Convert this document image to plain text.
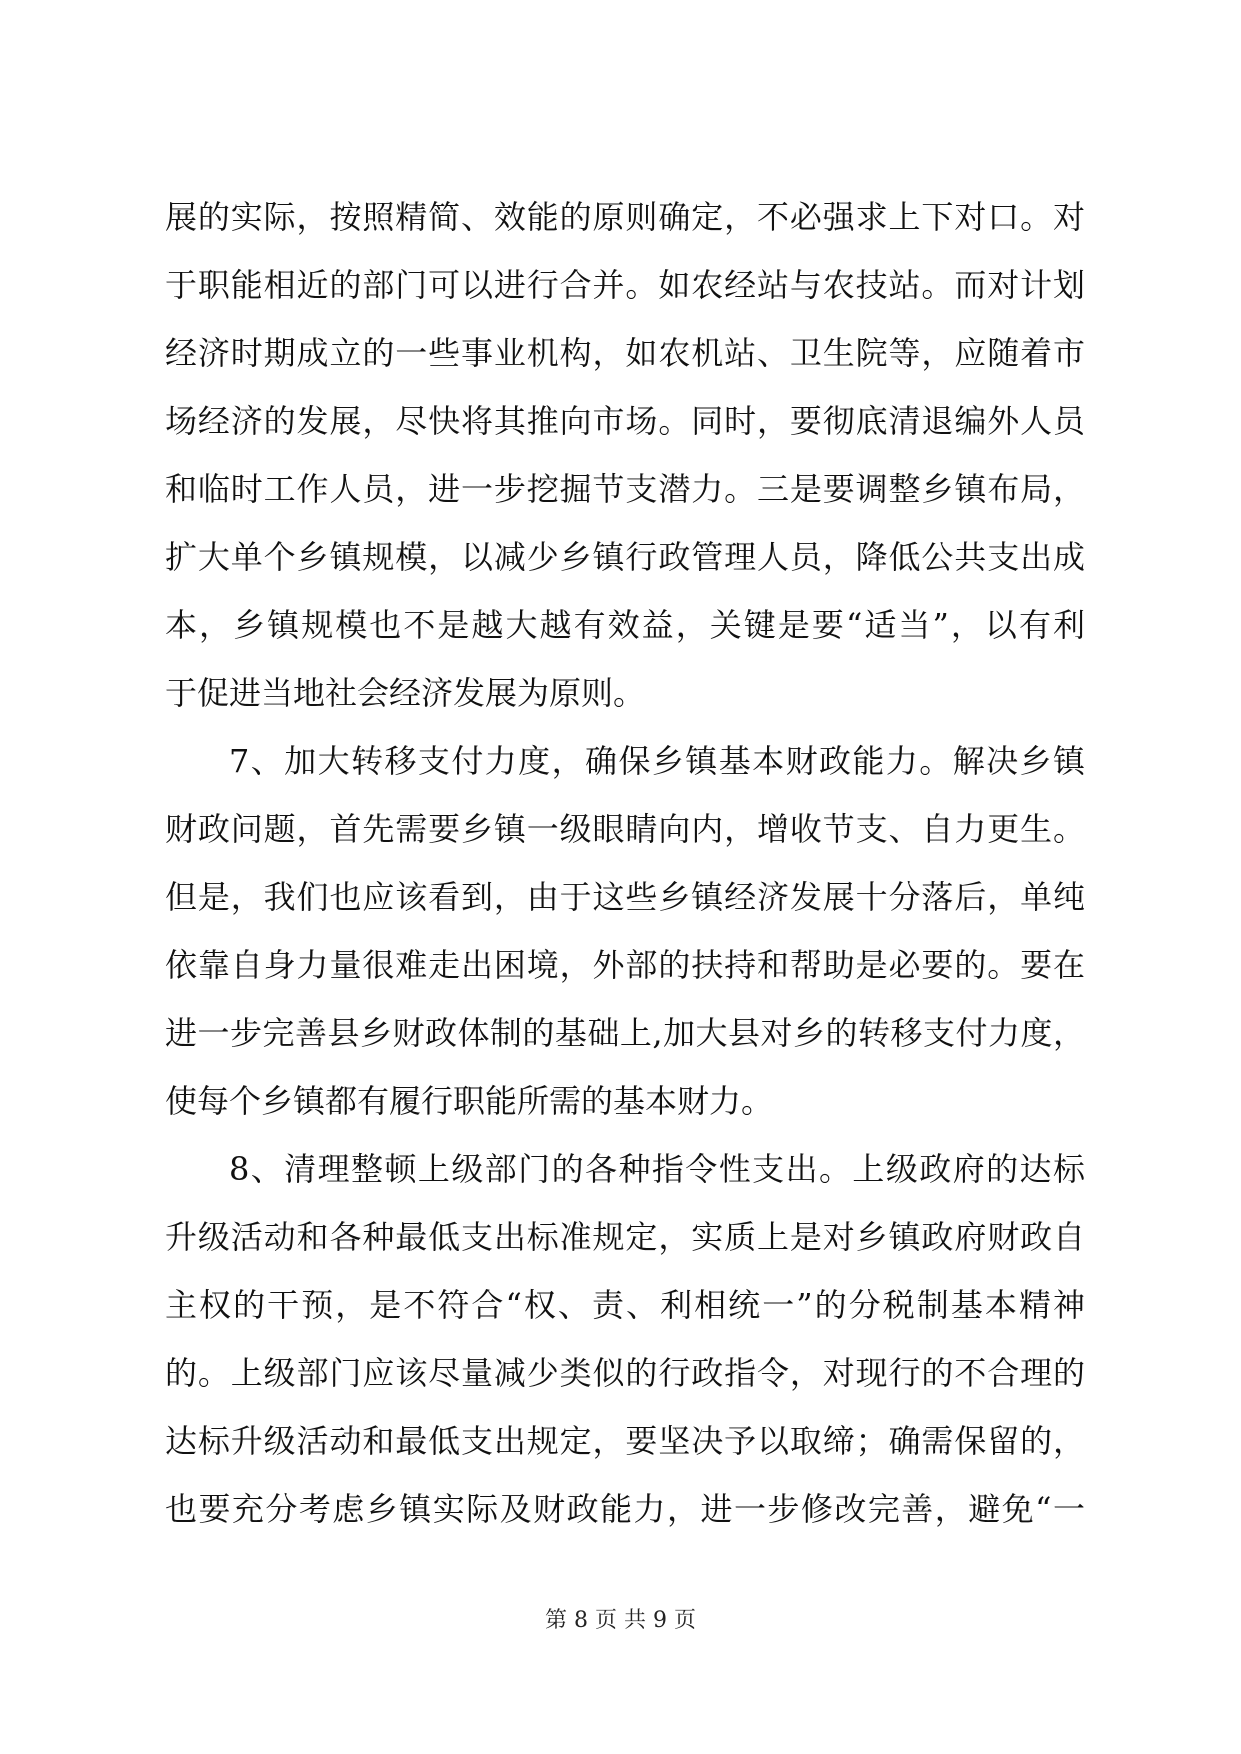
展的实际，按照精简、效能的原则确定，不必强求上下对口。对
于职能相近的部门可以进行合并。如农经站与农技站。而对计划
经济时期成立的一些事业机构，如农机站、卫生院等，应随着市
场经济的发展，尽快将其推向市场。同时，要彻底清退编外人员
和临时工作人员，进一步挖掘节支潜力。三是要调整乡镇布局，
扩大单个乡镇规模，以减少乡镇行政管理人员，降低公共支出成
本，乡镇规模也不是越大越有效益，关键是要“适当”，以有利
于促进当地社会经济发展为原则。
7、加大转移支付力度，确保乡镇基本财政能力。解决乡镇
财政问题，首先需要乡镇一级眼睛向内，增收节支、自力更生。
但是，我们也应该看到，由于这些乡镇经济发展十分落后，单纯
依靠自身力量很难走出困境，外部的扶持和帮助是必要的。要在
进一步完善县乡财政体制的基础上,加大县对乡的转移支付力度，
使每个乡镇都有履行职能所需的基本财力。
8、清理整顿上级部门的各种指令性支出。上级政府的达标
升级活动和各种最低支出标准规定，实质上是对乡镇政府财政自
主权的干预，是不符合“权、责、利相统一”的分税制基本精神
的。上级部门应该尽量减少类似的行政指令，对现行的不合理的
达标升级活动和最低支出规定，要坚决予以取缔；确需保留的，
也要充分考虑乡镇实际及财政能力，进一步修改完善，避免“一
第 8 页 共 9 页
